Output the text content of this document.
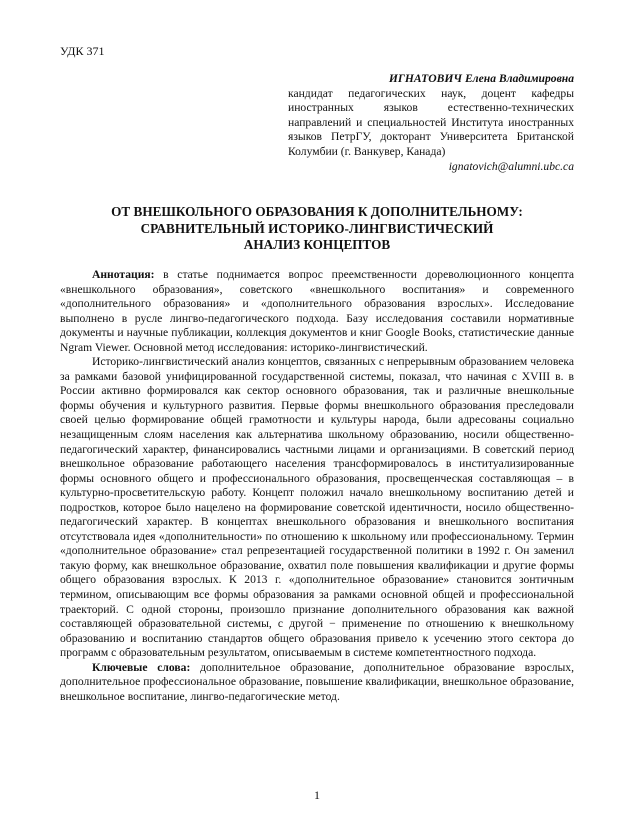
УДК 371
ИГНАТОВИЧ Елена Владимировна
кандидат педагогических наук, доцент кафедры иностранных языков естественно-технических направлений и специальностей Института иностранных языков ПетрГУ, докторант Университета Британской Колумбии (г. Ванкувер, Канада)
ignatovich@alumni.ubc.ca
ОТ ВНЕШКОЛЬНОГО ОБРАЗОВАНИЯ К ДОПОЛНИТЕЛЬНОМУ:
СРАВНИТЕЛЬНЫЙ ИСТОРИКО-ЛИНГВИСТИЧЕСКИЙ
АНАЛИЗ КОНЦЕПТОВ

Аннотация: в статье поднимается вопрос преемственности дореволюционного концепта «внешкольного образования», советского «внешкольного воспитания» и современного «дополнительного образования» и «дополнительного образования взрослых». Исследование выполнено в русле лингво-педагогического подхода. Базу исследования составили нормативные документы и научные публикации, коллекция документов и книг Google Books, статистические данные Ngram Viewer. Основной метод исследования: историко-лингвистический.

Историко-лингвистический анализ концептов, связанных с непрерывным образованием человека за рамками базовой унифицированной государственной системы, показал, что начиная с XVIII в. в России активно формировался как сектор основного образования, так и различные внешкольные формы обучения и культурного развития. Первые формы внешкольного образования преследовали своей целью формирование общей грамотности и культуры народа, были адресованы социально незащищенным слоям населения как альтернатива школьному образованию, носили общественно-педагогический характер, финансировались частными лицами и организациями. В советский период внешкольное образование работающего населения трансформировалось в институализированные формы основного общего и профессионального образования, просвещенческая составляющая – в культурно-просветительскую работу. Концепт положил начало внешкольному воспитанию детей и подростков, которое было нацелено на формирование советской идентичности, носило общественно-педагогический характер. В концептах внешкольного образования и внешкольного воспитания отсутствовала идея «дополнительности» по отношению к школьному или профессиональному. Термин «дополнительное образование» стал репрезентацией государственной политики в 1992 г. Он заменил такую форму, как внешкольное образование, охватил поле повышения квалификации и другие формы общего образования взрослых. К 2013 г. «дополнительное образование» становится зонтичным термином, описывающим все формы образования за рамками основной общей и профессиональной траекторий. С одной стороны, произошло признание дополнительного образования как важной составляющей образовательной системы, с другой − применение по отношению к внешкольному образованию и воспитанию стандартов общего образования привело к усечению этого сектора до программ с образовательным результатом, описываемым в системе компетентностного подхода.

Ключевые слова: дополнительное образование, дополнительное образование взрослых, дополнительное профессиональное образование, повышение квалификации, внешкольное образование, внешкольное воспитание, лингво-педагогические метод.

1
